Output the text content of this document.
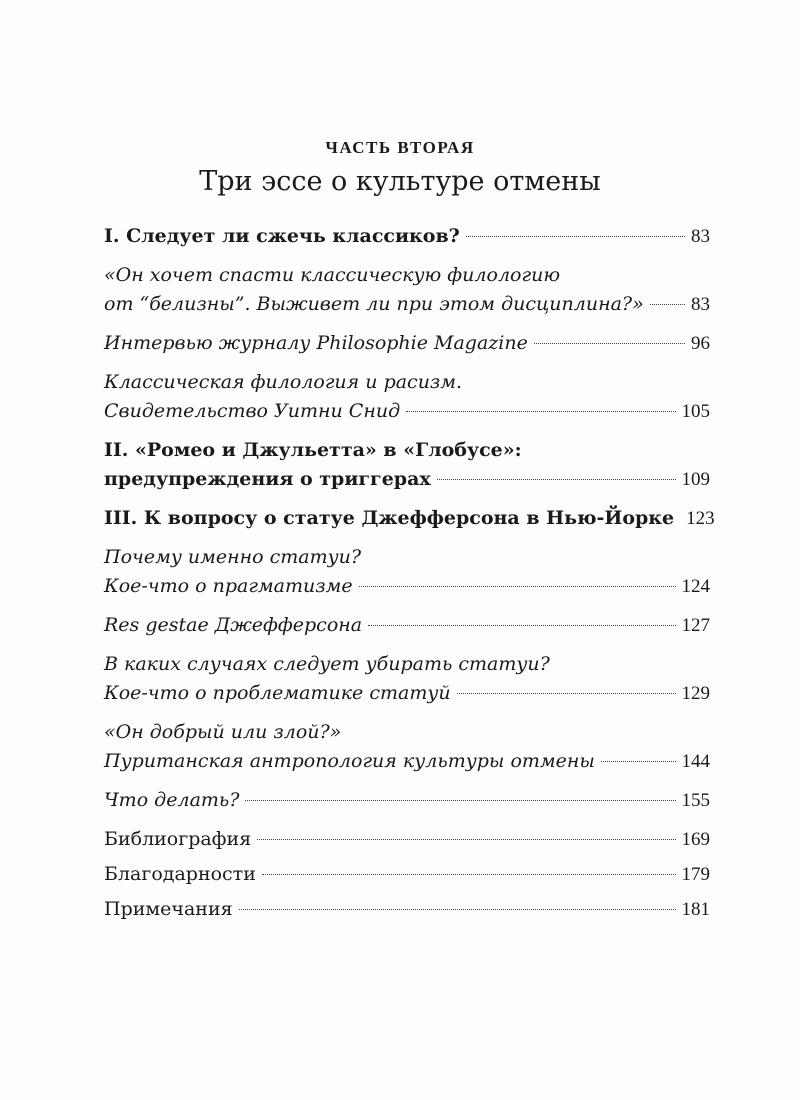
ЧАСТЬ ВТОРАЯ
Три эссе о культуре отмены
I. Следует ли сжечь классиков?	83
«Он хочет спасти классическую филологию
от “белизны”. Выживет ли при этом дисциплина?» 83
Интервью журналу Philosophie Magazine	96
Классическая филология и расизм.
Свидетельство Уитни Снид	105
II. «Ромео и Джульетта» в «Глобусе»:
предупреждения о триггерах	109
III. К вопросу о статуе Джефферсона в Нью-Йорке 123
Почему именно статуи?
Кое-что о прагматизме	124
Res gestae Джефферсона	127
В каких случаях следует убирать статуи?
Кое-что о проблематике статуй	129
«Он добрый или злой?»
Пуританская антропология культуры отмены	144
Что делать?	155
Библиография	169
Благодарности	179
Примечания	181
